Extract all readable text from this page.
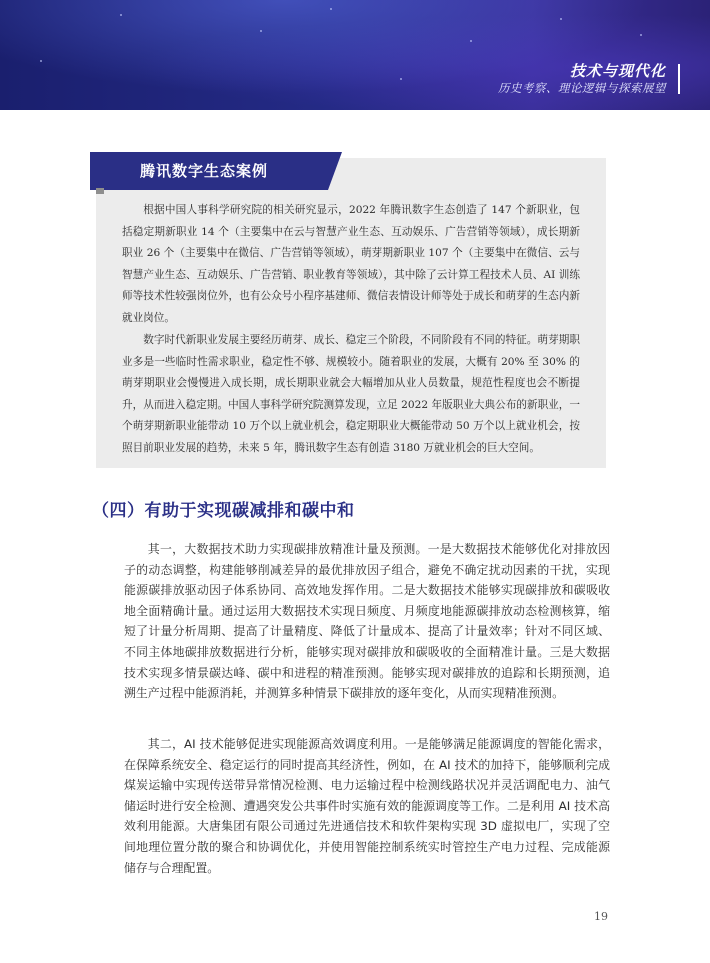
技术与现代化
历史考察、理论逻辑与探索展望
腾讯数字生态案例

根据中国人事科学研究院的相关研究显示，2022 年腾讯数字生态创造了 147 个新职业，包括稳定期新职业 14 个（主要集中在云与智慧产业生态、互动娱乐、广告营销等领域），成长期新职业 26 个（主要集中在微信、广告营销等领域），萌芽期新职业 107 个（主要集中在微信、云与智慧产业生态、互动娱乐、广告营销、职业教育等领域），其中除了云计算工程技术人员、AI 训练师等技术性较强岗位外，也有公众号小程序基建师、微信表情设计师等处于成长和萌芽的生态内新就业岗位。

数字时代新职业发展主要经历萌芽、成长、稳定三个阶段，不同阶段有不同的特征。萌芽期职业多是一些临时性需求职业，稳定性不够、规模较小。随着职业的发展，大概有 20% 至 30% 的萌芽期职业会慢慢进入成长期，成长期职业就会大幅增加从业人员数量，规范性程度也会不断提升，从而进入稳定期。中国人事科学研究院测算发现，立足 2022 年版职业大典公布的新职业，一个萌芽期新职业能带动 10 万个以上就业机会，稳定期职业大概能带动 50 万个以上就业机会，按照目前职业发展的趋势，未来 5 年，腾讯数字生态有创造 3180 万就业机会的巨大空间。

（四）有助于实现碳减排和碳中和

其一，大数据技术助力实现碳排放精准计量及预测。一是大数据技术能够优化对排放因子的动态调整，构建能够削减差异的最优排放因子组合，避免不确定扰动因素的干扰，实现能源碳排放驱动因子体系协同、高效地发挥作用。二是大数据技术能够实现碳排放和碳吸收地全面精确计量。通过运用大数据技术实现日频度、月频度地能源碳排放动态检测核算，缩短了计量分析周期、提高了计量精度、降低了计量成本、提高了计量效率；针对不同区域、不同主体地碳排放数据进行分析，能够实现对碳排放和碳吸收的全面精准计量。三是大数据技术实现多情景碳达峰、碳中和进程的精准预测。能够实现对碳排放的追踪和长期预测，追溯生产过程中能源消耗，并测算多种情景下碳排放的逐年变化，从而实现精准预测。

其二，AI 技术能够促进实现能源高效调度利用。一是能够满足能源调度的智能化需求，在保障系统安全、稳定运行的同时提高其经济性，例如，在 AI 技术的加持下，能够顺利完成煤炭运输中实现传送带异常情况检测、电力运输过程中检测线路状况并灵活调配电力、油气储运时进行安全检测、遭遇突发公共事件时实施有效的能源调度等工作。二是利用 AI 技术高效利用能源。大唐集团有限公司通过先进通信技术和软件架构实现 3D 虚拟电厂，实现了空间地理位置分散的聚合和协调优化，并使用智能控制系统实时管控生产电力过程、完成能源储存与合理配置。

19
